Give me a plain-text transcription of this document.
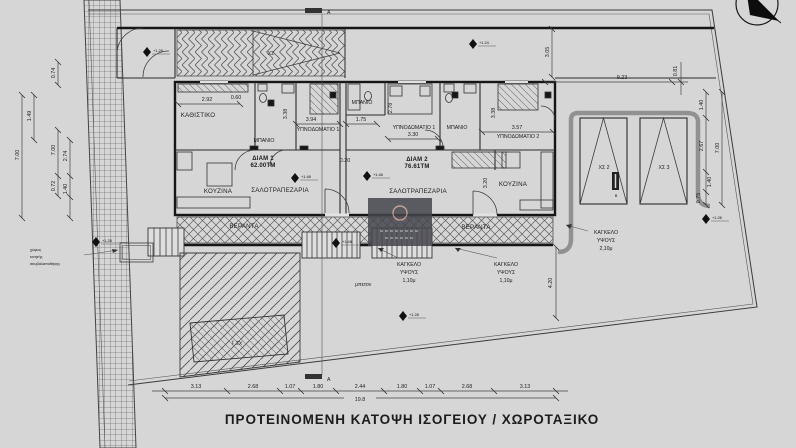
ΧΣ	3.05
ΧΣ 1
ΧΣ 2	ΧΣ 3
Β
μπετον	4.20
χώρος
κινητής
σκυβαλαποθήκης
ΚΑΘΙΣΤΙΚΟ
ΜΠΑΝΙΟ
ΜΠΑΝΙΟ
ΜΠΑΝΙΟ
ΥΠΝΟΔΩΜΑΤΙΟ 1	ΥΠΝΟΔΩΜΑΤΙΟ 1
ΥΠΝΟΔΩΜΑΤΙΟ 2
ΚΟΥΖΙΝΑ
ΚΟΥΖΙΝΑ
ΣΑΛΟΤΡΑΠΕΖΑΡΙΑ	ΣΑΛΟΤΡΑΠΕΖΑΡΙΑ
ΒΕΡΑΝΤΑ	ΒΕΡΑΝΤΑ
ΔΙΑΜ 1
62.00ΤΜ
ΔΙΑΜ 2
76.61ΤΜ
2.92	0.60
3.94	1.75
3.30
3.57
0.20
3.38
2.78	3.38
3.20
0.74
1.49
7.00	7.00
2.74
0.72 1.40
9.23
0.81
1.40
2.67
1.40
0.75
7.00
3.13	2.68	1.07	1.80	2.44	1.80	1.07	2.68	3.13
19.8
ΚΑΓΚΕΛΟ
ΥΨΟΥΣ
1,10μ
ΚΑΓΚΕΛΟ
ΥΨΟΥΣ
1,10μ
ΚΑΓΚΕΛΟ
ΥΨΟΥΣ
2,10μ
+1.28
+1.24
+1.48	+1.48
+1.48
+1.28
+1.28
+1.28
A
A
ΠΡΟΤΕΙΝΟΜΕΝΗ ΚΑΤΟΨΗ ΙΣΟΓΕΙΟΥ / ΧΩΡΟΤΑΞΙΚΟ
